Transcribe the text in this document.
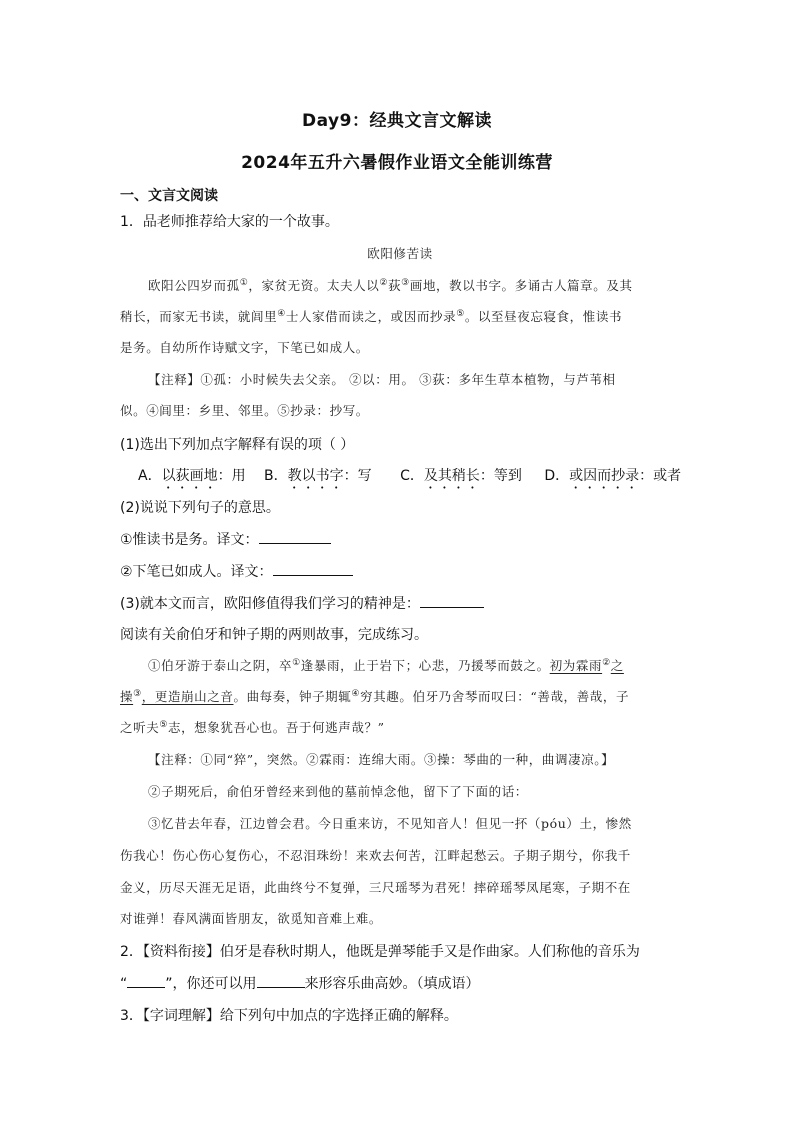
Day9：经典文言文解读
2024年五升六暑假作业语文全能训练营
一、文言文阅读
1．品老师推荐给大家的一个故事。
欧阳修苦读
欧阳公四岁而孤①，家贫无资。太夫人以②荻③画地，教以书字。多诵古人篇章。及其
稍长，而家无书读，就闾里④士人家借而读之，或因而抄录⑤。以至昼夜忘寝食，惟读书
是务。自幼所作诗赋文字，下笔已如成人。
【注释】①孤：小时候失去父亲。 ②以：用。 ③荻：多年生草本植物，与芦苇相
似。④闾里：乡里、邻里。⑤抄录：抄写。
(1)选出下列加点字解释有误的项（ ）
A．以荻画地：用 B．教以书字：写 C．及其稍长：等到 D．或因而抄录：或者
(2)说说下列句子的意思。
①惟读书是务。译文：
②下笔已如成人。译文：
(3)就本文而言，欧阳修值得我们学习的精神是：
阅读有关俞伯牙和钟子期的两则故事，完成练习。
①伯牙游于泰山之阴，卒①逢暴雨，止于岩下；心悲，乃援琴而鼓之。初为霖雨②之
操③，更造崩山之音。曲每奏，钟子期辄④穷其趣。伯牙乃舍琴而叹曰：“善哉，善哉，子
之听夫⑤志，想象犹吾心也。吾于何逃声哉？”
【注释：①同“猝”，突然。②霖雨：连绵大雨。③操：琴曲的一种，曲调凄凉。】
②子期死后，俞伯牙曾经来到他的墓前悼念他，留下了下面的话：
③忆昔去年春，江边曾会君。今日重来访，不见知音人！但见一抔（póu）土，惨然
伤我心！伤心伤心复伤心，不忍泪珠纷！来欢去何苦，江畔起愁云。子期子期兮，你我千
金义，历尽天涯无足语，此曲终兮不复弹，三尺瑶琴为君死！摔碎瑶琴凤尾寒，子期不在
对谁弹！春风满面皆朋友，欲觅知音难上难。
2．【资料衔接】伯牙是春秋时期人，他既是弹琴能手又是作曲家。人们称他的音乐为
“	”，你还可以用	来形容乐曲高妙。（填成语）
3．【字词理解】给下列句中加点的字选择正确的解释。
